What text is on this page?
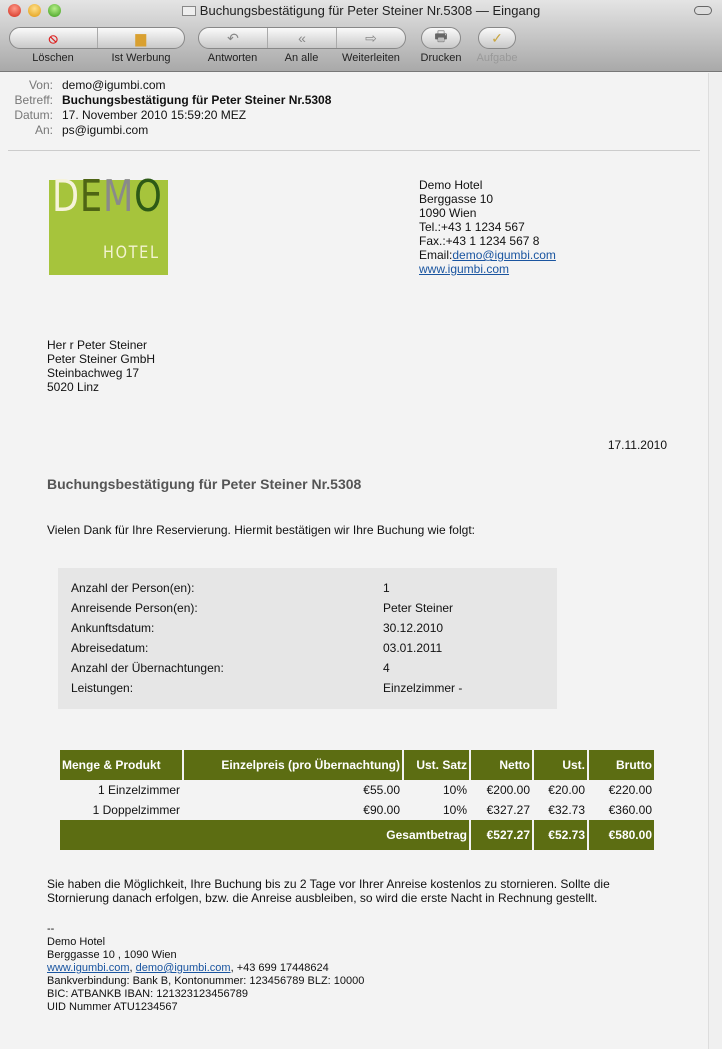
Buchungsbestätigung für Peter Steiner Nr.5308 — Eingang
⦸	▆	↶	«	⇨	🖶	✓
Löschen	Ist Werbung	Antworten	An alle	Weiterleiten	Drucken	Aufgabe
Von: demo@igumbi.com
Betreff: Buchungsbestätigung für Peter Steiner Nr.5308
Datum: 17. November 2010 15:59:20 MEZ
An: ps@igumbi.com
DEMO
HOTEL
Demo Hotel
Berggasse 10
1090 Wien
Tel.:+43 1 1234 567
Fax.:+43 1 1234 567 8
Email:demo@igumbi.com
www.igumbi.com
Her r Peter Steiner
Peter Steiner GmbH
Steinbachweg 17
5020 Linz
17.11.2010
Buchungsbestätigung für Peter Steiner Nr.5308
Vielen Dank für Ihre Reservierung. Hiermit bestätigen wir Ihre Buchung wie folgt:
Anzahl der Person(en):	1
Anreisende Person(en):	Peter Steiner
Ankunftsdatum:	30.12.2010
Abreisedatum:	03.01.2011
Anzahl der Übernachtungen:	4
Leistungen:	Einzelzimmer -
Menge & Produkt	Einzelpreis (pro Übernachtung)	Ust. Satz	Netto	Ust.	Brutto
1 Einzelzimmer	€55.00	10%	€200.00	€20.00	€220.00
1 Doppelzimmer	€90.00	10%	€327.27	€32.73	€360.00
Gesamtbetrag			€527.27	€52.73	€580.00
Sie haben die Möglichkeit, Ihre Buchung bis zu 2 Tage vor Ihrer Anreise kostenlos zu stornieren. Sollte die
Stornierung danach erfolgen, bzw. die Anreise ausbleiben, so wird die erste Nacht in Rechnung gestellt.
--
Demo Hotel
Berggasse 10 , 1090 Wien
www.igumbi.com, demo@igumbi.com, +43 699 17448624
Bankverbindung: Bank B, Kontonummer: 123456789 BLZ: 10000
BIC: ATBANKB IBAN: 121323123456789
UID Nummer ATU1234567
